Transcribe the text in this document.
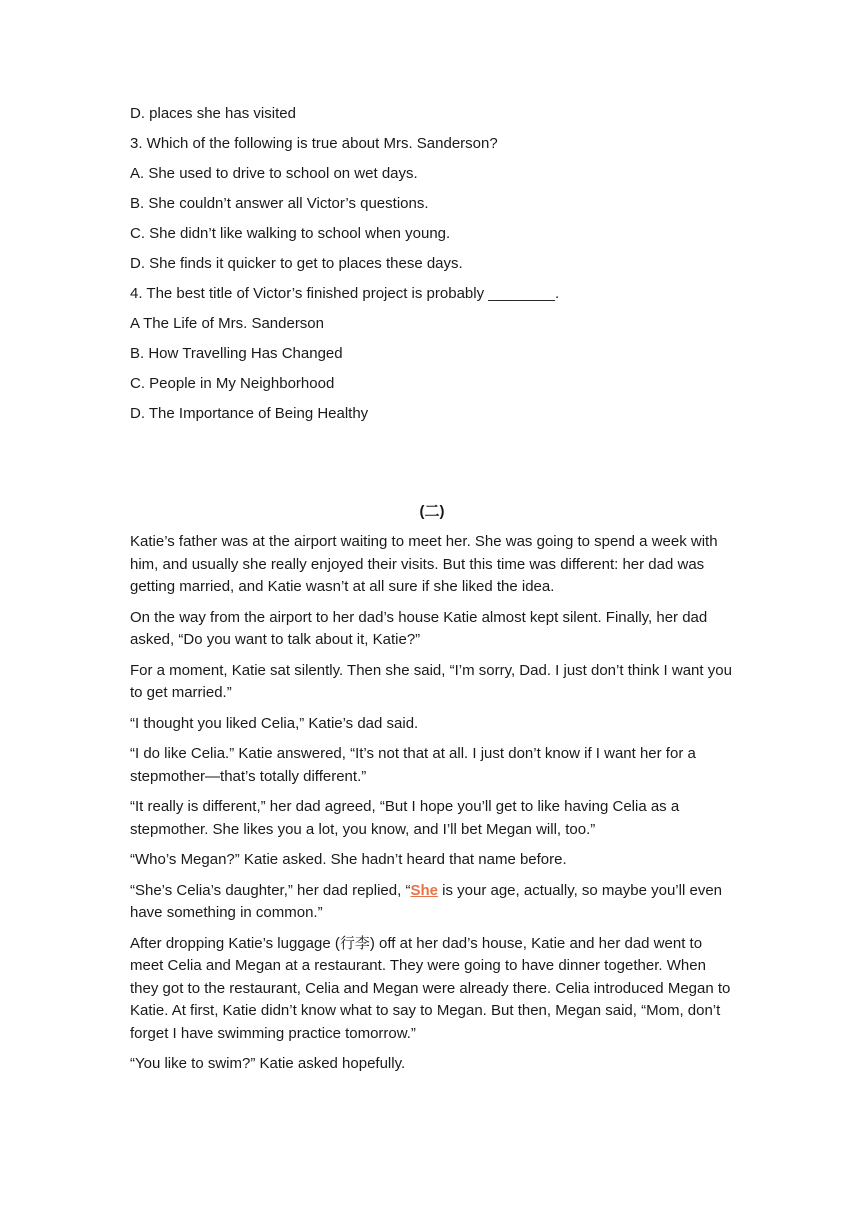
D. places she has visited

3. Which of the following is true about Mrs. Sanderson?

A. She used to drive to school on wet days.

B. She couldn’t answer all Victor’s questions.

C. She didn’t like walking to school when young.

D. She finds it quicker to get to places these days.

4. The best title of Victor’s finished project is probably ________.

A The Life of Mrs. Sanderson

B. How Travelling Has Changed

C. People in My Neighborhood

D. The Importance of Being Healthy

(二)

Katie’s father was at the airport waiting to meet her. She was going to spend a week with him, and usually she really enjoyed their visits. But this time was different: her dad was getting married, and Katie wasn’t at all sure if she liked the idea.

On the way from the airport to her dad’s house Katie almost kept silent. Finally, her dad asked, “Do you want to talk about it, Katie?”

For a moment, Katie sat silently. Then she said, “I’m sorry, Dad. I just don’t think I want you to get married.”

“I thought you liked Celia,” Katie’s dad said.

“I do like Celia.” Katie answered, “It’s not that at all. I just don’t know if I want her for a stepmother—that’s totally different.”

“It really is different,” her dad agreed, “But I hope you’ll get to like having Celia as a stepmother. She likes you a lot, you know, and I’ll bet Megan will, too.”

“Who’s Megan?” Katie asked. She hadn’t heard that name before.

“She’s Celia’s daughter,” her dad replied, “She is your age, actually, so maybe you’ll even have something in common.”

After dropping Katie’s luggage (行李) off at her dad’s house, Katie and her dad went to meet Celia and Megan at a restaurant. They were going to have dinner together. When they got to the restaurant, Celia and Megan were already there. Celia introduced Megan to Katie. At first, Katie didn’t know what to say to Megan. But then, Megan said, “Mom, don’t forget I have swimming practice tomorrow.”

“You like to swim?” Katie asked hopefully.
